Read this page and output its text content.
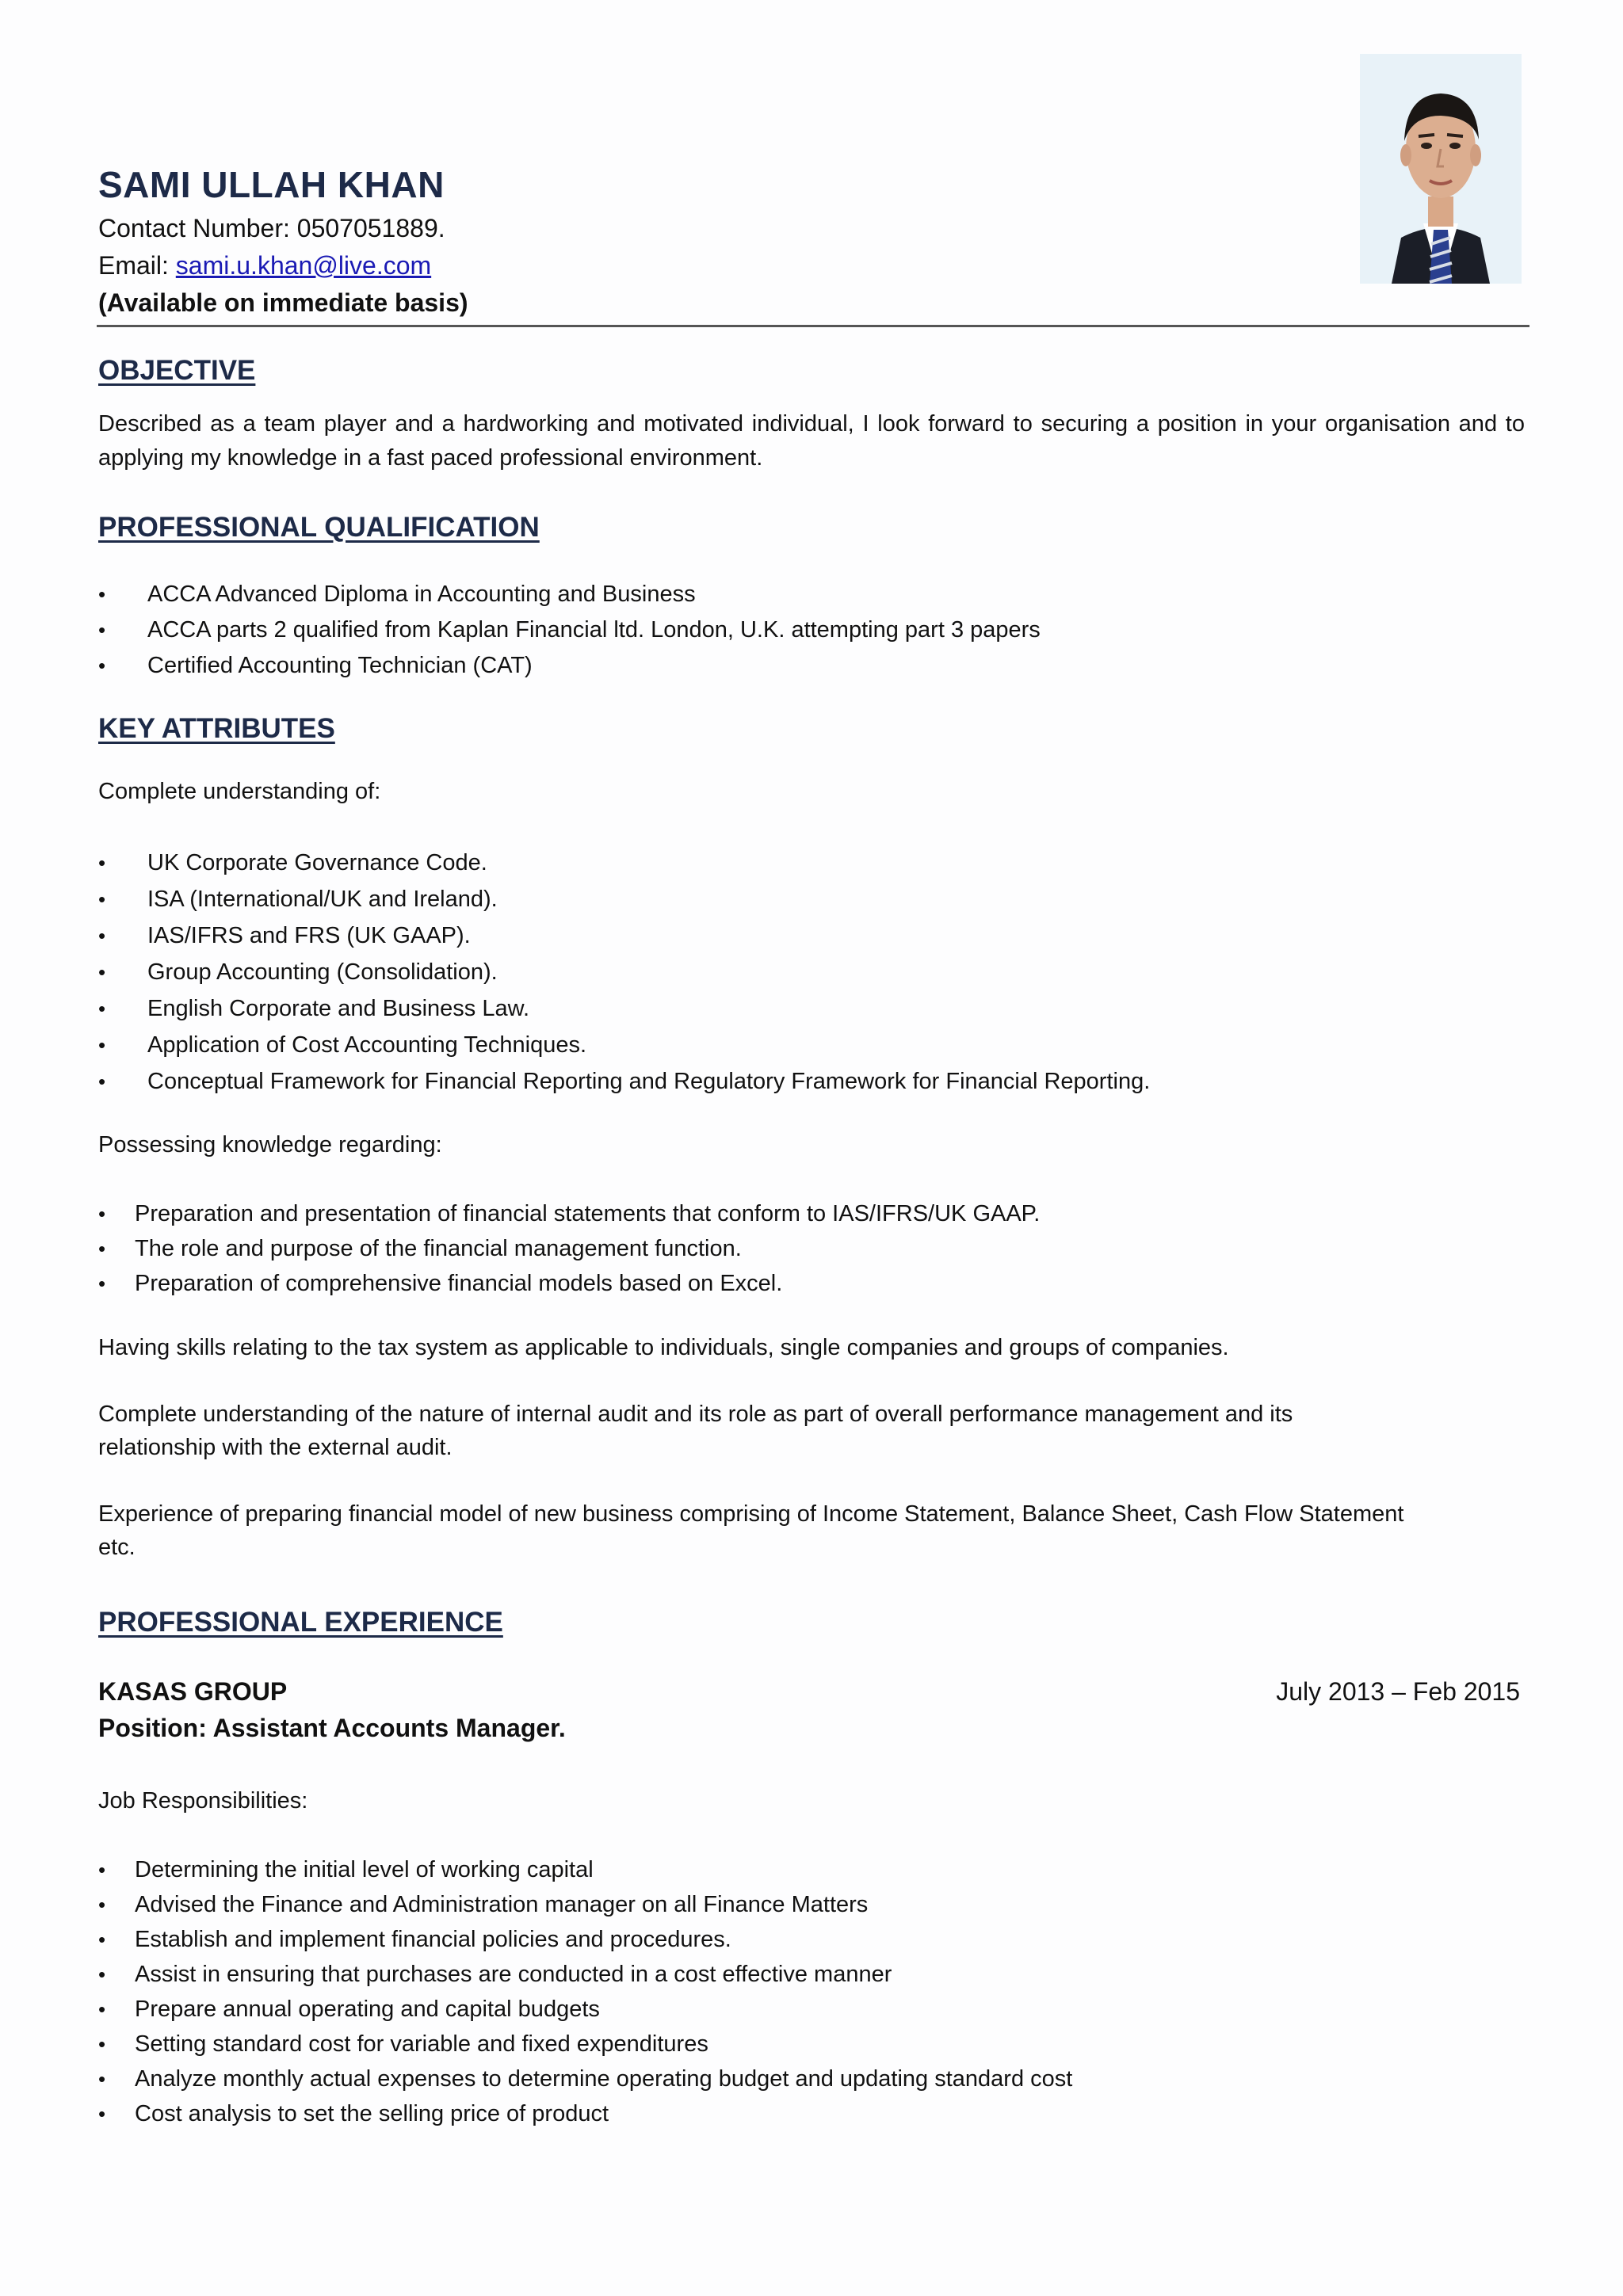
SAMI ULLAH KHAN
Contact Number: 0507051889.
Email: sami.u.khan@live.com
(Available on immediate basis)
OBJECTIVE
Described as a team player and a hardworking and motivated individual, I look forward to securing a position in your organisation and to applying my knowledge in a fast paced professional environment.
PROFESSIONAL QUALIFICATION
• ACCA Advanced Diploma in Accounting and Business
• ACCA parts 2 qualified from Kaplan Financial ltd. London, U.K. attempting part 3 papers
• Certified Accounting Technician (CAT)
KEY ATTRIBUTES
Complete understanding of:
• UK Corporate Governance Code.
• ISA (International/UK and Ireland).
• IAS/IFRS and FRS (UK GAAP).
• Group Accounting (Consolidation).
• English Corporate and Business Law.
• Application of Cost Accounting Techniques.
• Conceptual Framework for Financial Reporting and Regulatory Framework for Financial Reporting.
Possessing knowledge regarding:
• Preparation and presentation of financial statements that conform to IAS/IFRS/UK GAAP.
• The role and purpose of the financial management function.
• Preparation of comprehensive financial models based on Excel.
Having skills relating to the tax system as applicable to individuals, single companies and groups of companies.
Complete understanding of the nature of internal audit and its role as part of overall performance management and its
relationship with the external audit.
Experience of preparing financial model of new business comprising of Income Statement, Balance Sheet, Cash Flow Statement
etc.
PROFESSIONAL EXPERIENCE
KASAS GROUP	July 2013 – Feb 2015
Position: Assistant Accounts Manager.
Job Responsibilities:
• Determining the initial level of working capital
• Advised the Finance and Administration manager on all Finance Matters
• Establish and implement financial policies and procedures.
• Assist in ensuring that purchases are conducted in a cost effective manner
• Prepare annual operating and capital budgets
• Setting standard cost for variable and fixed expenditures
• Analyze monthly actual expenses to determine operating budget and updating standard cost
• Cost analysis to set the selling price of product
